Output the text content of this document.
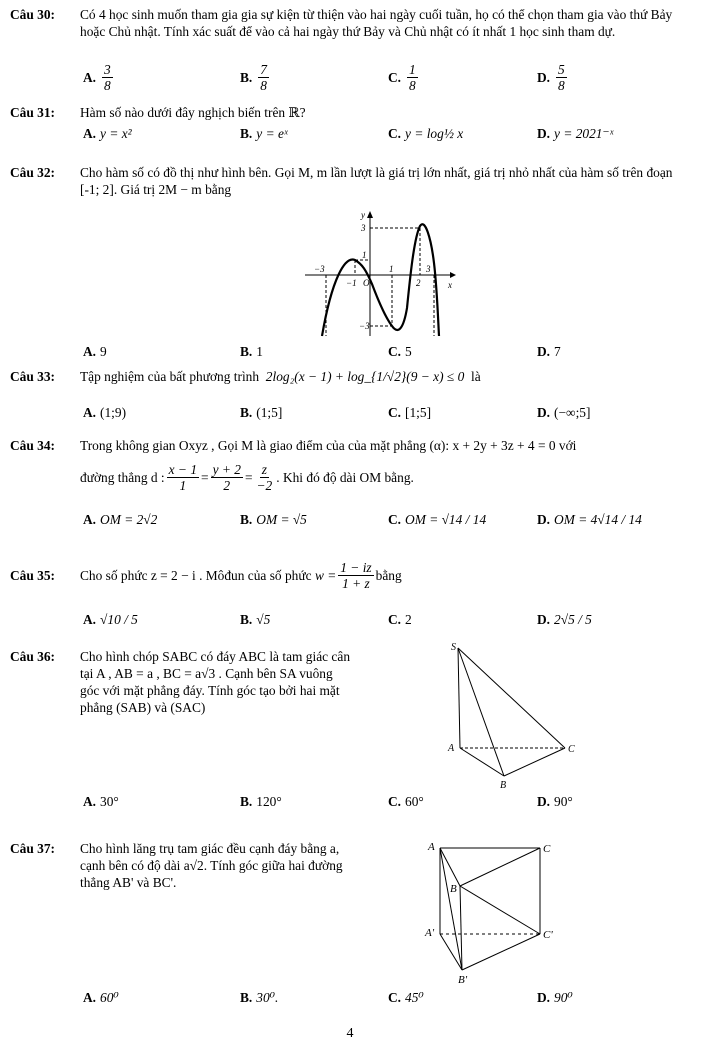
Câu 30: Có 4 học sinh muốn tham gia gia sự kiện từ thiện vào hai ngày cuối tuần, họ có thể chọn tham gia vào thứ Bảy hoặc Chủ nhật. Tính xác suất để vào cả hai ngày thứ Bảy và Chủ nhật có ít nhất 1 học sinh tham dự.
A. $\frac{3}{8}$	B. $\frac{7}{8}$	C. $\frac{1}{8}$	D. $\frac{5}{8}$
Câu 31: Hàm số nào dưới đây nghịch biến trên ℝ?
A. y = x²	B. y = eˣ	C. y = log½ x	D. y = 2021⁻ˣ
Câu 32: Cho hàm số có đồ thị như hình bên. Gọi M, m lần lượt là giá trị lớn nhất, giá trị nhỏ nhất của hàm số trên đoạn [-1; 2]. Giá trị 2M − m bằng
y
3
1
−3
−1 O
1
2
3
x
−3
A. 9	B. 1	C. 5	D. 7
Câu 33: Tập nghiệm của bất phương trình 2log₂(x − 1) + log_{1/√2}(9 − x) ≤ 0 là
A. (1;9)	B. (1;5]	C. [1;5]	D. (−∞;5]
Câu 34: Trong không gian Oxyz , Gọi M là giao điểm của của mặt phẳng (α): x + 2y + 3z + 4 = 0 với
đường thẳng d : $\frac{x - 1}{1} = \frac{y + 2}{2} = \frac{z}{-2}$ . Khi đó độ dài OM bằng.
A. OM = 2√2	B. OM = √5	C. OM = √14 / 14	D. OM = 4√14 / 14
Câu 35:	Cho số phức z = 2 − i . Môđun của số phức
$w = \frac{1 - iz}{1 + \overline{z}}$ bằng
A. √10 / 5	B. √5	C. 2	D. 2√5 / 5
Câu 36: Cho hình chóp SABC có đáy ABC là tam giác cân tại A , AB = a , BC = a√3 . Cạnh bên SA vuông góc với mặt phẳng đáy. Tính góc tạo bởi hai mặt phẳng (SAB) và (SAC)
S
A	C
B
A. 30°	B. 120°	C. 60°	D. 90°
Câu 37: Cho hình lăng trụ tam giác đều cạnh đáy bằng a, cạnh bên có độ dài a√2. Tính góc giữa hai đường thẳng AB' và BC'.
A	C
B
A'	C'
B'
A. 60⁰	B. 30⁰.	C. 45⁰	D. 90⁰
4
